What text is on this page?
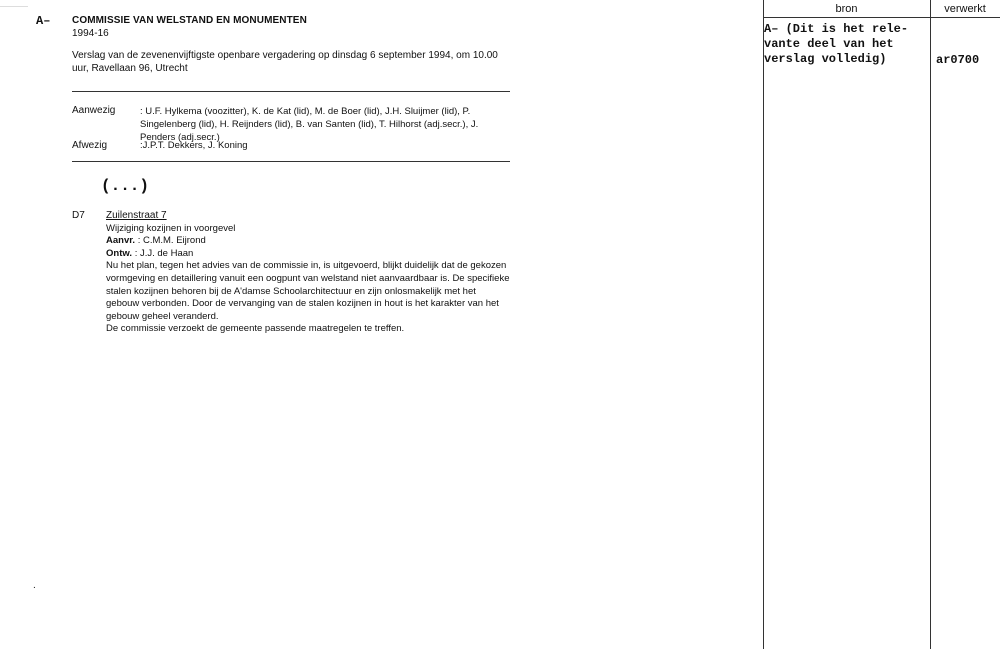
A– COMMISSIE VAN WELSTAND EN MONUMENTEN
1994-16
Verslag van de zevenenvijftigste openbare vergadering op dinsdag 6 september 1994, om 10.00 uur, Ravellaan 96, Utrecht
Aanwezig	: U.F. Hylkema (voozitter), K. de Kat (lid), M. de Boer (lid), J.H. Sluijmer (lid), P. Singelenberg (lid), H. Reijnders (lid), B. van Santen (lid), T. Hilhorst (adj.secr.), J. Penders (adj.secr.)
Afwezig	:J.P.T. Dekkers, J. Koning
(...)
D7 Zuilenstraat 7
Wijziging kozijnen in voorgevel
Aanvr. : C.M.M. Eijrond
Ontw. : J.J. de Haan
Nu het plan, tegen het advies van de commissie in, is uitgevoerd, blijkt duidelijk dat de gekozen vormgeving en detaillering vanuit een oogpunt van welstand niet aanvaardbaar is. De specifieke stalen kozijnen behoren bij de A'damse Schoolarchitectuur en zijn onlosmakelijk met het gebouw verbonden. Door de vervanging van de stalen kozijnen in hout is het karakter van het gebouw geheel veranderd.
De commissie verzoekt de gemeente passende maatregelen te treffen.
.
bron	verwerkt
A– (Dit is het rele-
vante deel van het
verslag volledig)	ar0700
